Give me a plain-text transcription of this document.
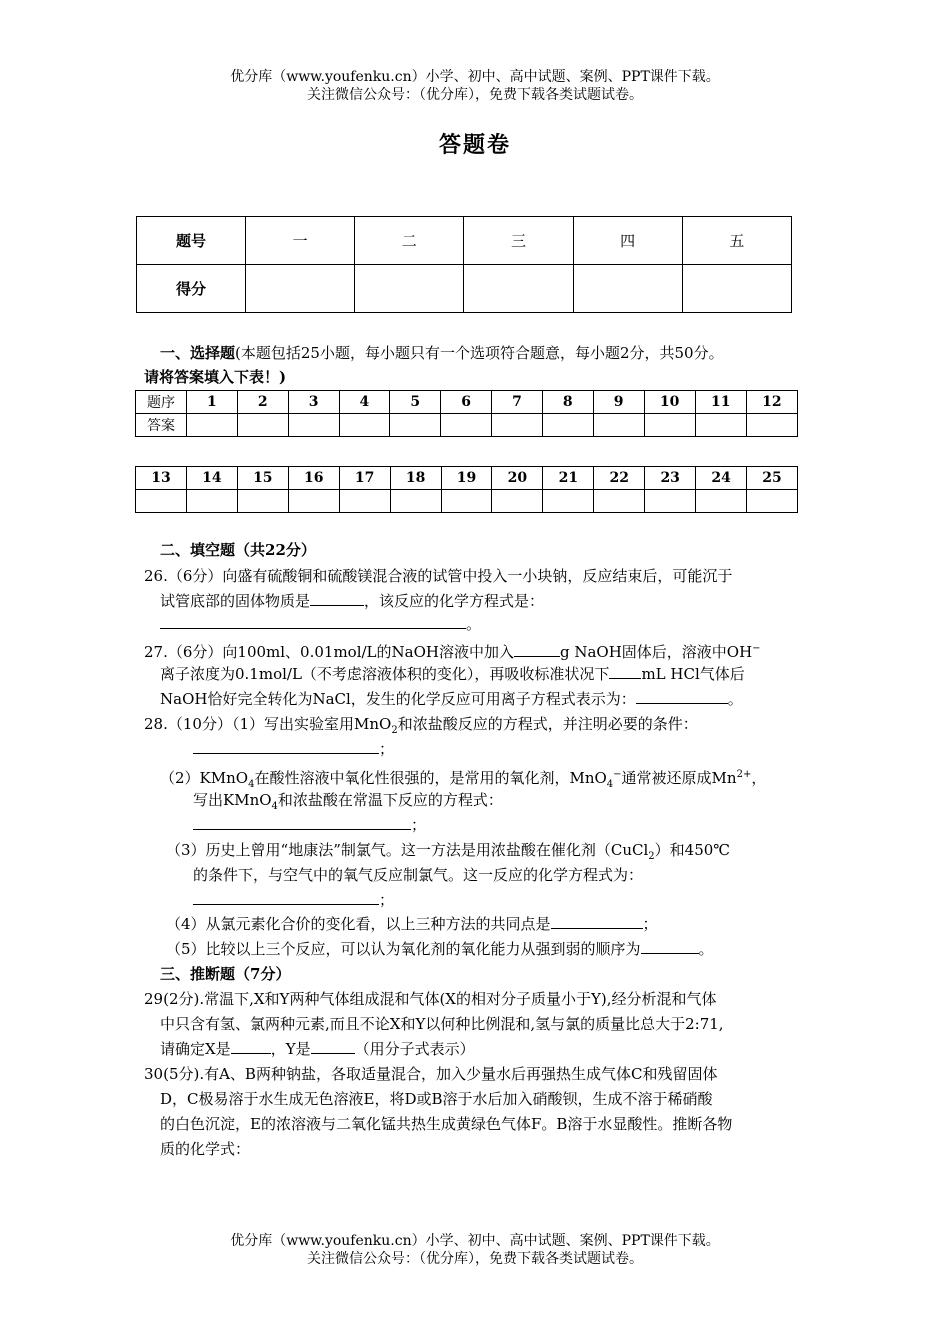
优分库（www.youfenku.cn）小学、初中、高中试题、案例、PPT课件下载。
关注微信公众号：（优分库），免费下载各类试题试卷。
答题卷
题号	一	二	三	四	五
得分					
一、选择题(本题包括25小题，每小题只有一个选项符合题意，每小题2分，共50分。
请将答案填入下表！)
题序	1	2	3	4	5	6	7	8	9	10	11	12
答案												
13	14	15	16	17	18	19	20	21	22	23	24	25

二、填空题（共22分）
26.（6分）向盛有硫酸铜和硫酸镁混合液的试管中投入一小块钠，反应结束后，可能沉于
试管底部的固体物质是	，该反应的化学方程式是：
。
27.（6分）向100ml、0.01mol/L的NaOH溶液中加入	g NaOH固体后，溶液中OH−
离子浓度为0.1mol/L（不考虑溶液体积的变化），再吸收标准状况下 mL HCl气体后
NaOH恰好完全转化为NaCl，发生的化学反应可用离子方程式表示为：	。
28.（10分）（1）写出实验室用MnO$_2$和浓盐酸反应的方程式，并注明必要的条件：
；
（2）KMnO$_4$在酸性溶液中氧化性很强的，是常用的氧化剂，MnO$_4$−通常被还原成$Mn^{2+}$，
写出KMnO$_4$和浓盐酸在常温下反应的方程式：
；
（3）历史上曾用“地康法”制氯气。这一方法是用浓盐酸在催化剂（CuCl$_2$）和450℃
的条件下，与空气中的氧气反应制氯气。这一反应的化学方程式为：
；
（4）从氯元素化合价的变化看，以上三种方法的共同点是	；
（5）比较以上三个反应，可以认为氧化剂的氧化能力从强到弱的顺序为	。
三、推断题（7分）
29(2分).常温下,X和Y两种气体组成混和气体(X的相对分子质量小于Y),经分析混和气体
中只含有氢、氯两种元素,而且不论X和Y以何种比例混和,氢与氯的质量比总大于2:71,
请确定X是	，Y是	（用分子式表示）
30(5分).有A、B两种钠盐，各取适量混合，加入少量水后再强热生成气体C和残留固体
D，C极易溶于水生成无色溶液E，将D或B溶于水后加入硝酸钡，生成不溶于稀硝酸
的白色沉淀，E的浓溶液与二氧化锰共热生成黄绿色气体F。B溶于水显酸性。推断各物
质的化学式：
优分库（www.youfenku.cn）小学、初中、高中试题、案例、PPT课件下载。
关注微信公众号：（优分库），免费下载各类试题试卷。
